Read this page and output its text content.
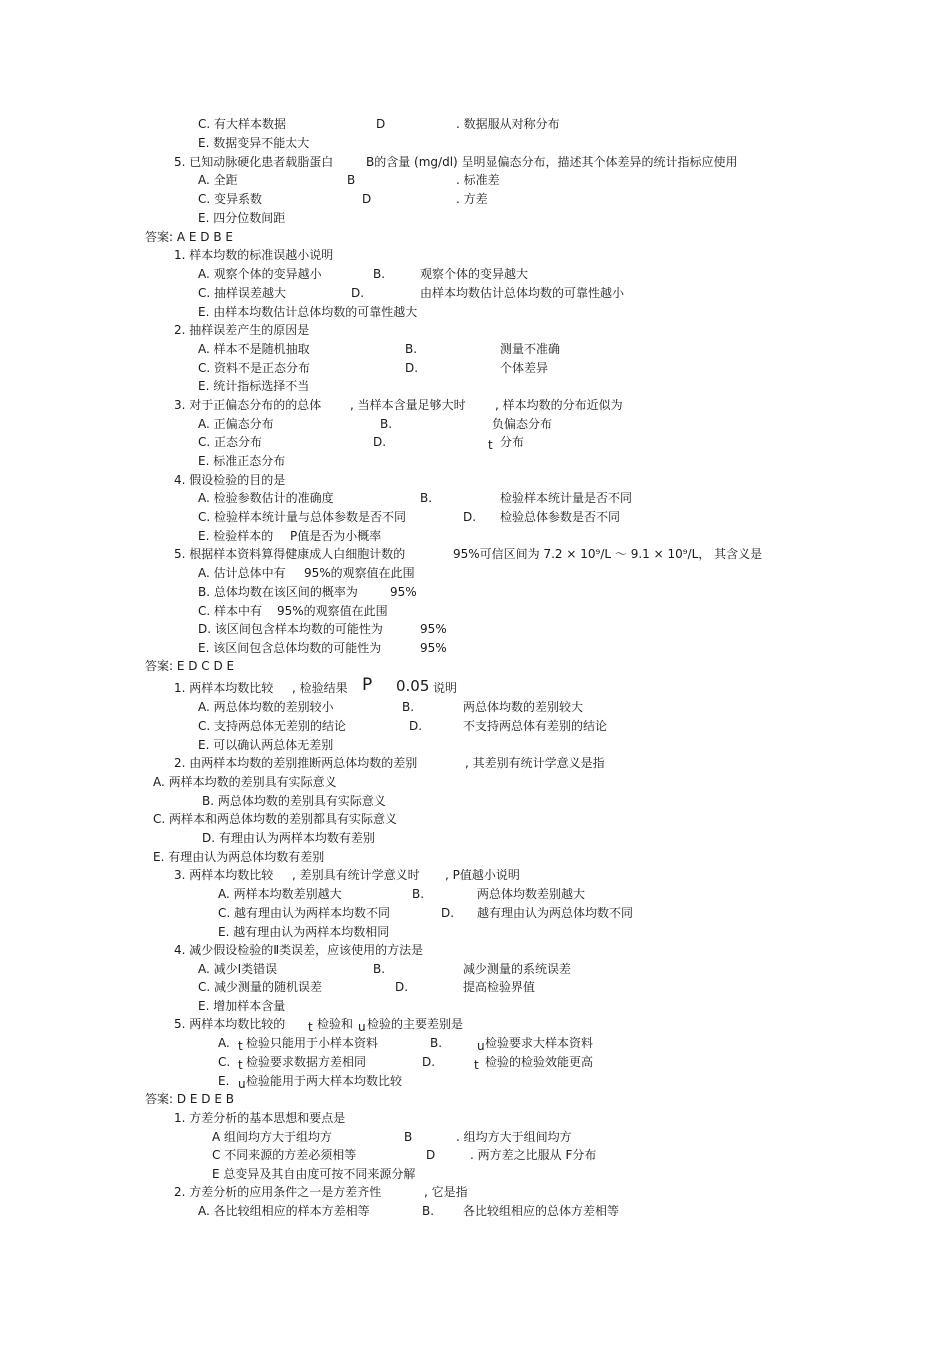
C. 有大样本数据	D	. 数据服从对称分布
E. 数据变异不能太大
5. 已知动脉硬化患者载脂蛋白	B的含量 (mg/dl) 呈明显偏态分布，描述其个体差异的统计指标应使用
A. 全距	B	. 标准差
C. 变异系数	D	. 方差
E. 四分位数间距
答案: A E D B E
1. 样本均数的标准误越小说明
A. 观察个体的变异越小	B.	观察个体的变异越大
C. 抽样误差越大	D.	由样本均数估计总体均数的可靠性越小
E. 由样本均数估计总体均数的可靠性越大
2. 抽样误差产生的原因是
A. 样本不是随机抽取	B.	测量不准确
C. 资料不是正态分布	D.	个体差异
E. 统计指标选择不当
3. 对于正偏态分布的的总体 , 当样本含量足够大时 , 样本均数的分布近似为
A. 正偏态分布	B.	负偏态分布
C. 正态分布	D.	t 分布
E. 标准正态分布
4. 假设检验的目的是
A. 检验参数估计的准确度	B.	检验样本统计量是否不同
C. 检验样本统计量与总体参数是否不同	D. 检验总体参数是否不同
E. 检验样本的 P值是否为小概率
5. 根据样本资料算得健康成人白细胞计数的	95%可信区间为 7.2 × 10⁹/L ～ 9.1 × 10⁹/L， 其含义是
A. 估计总体中有 95%的观察值在此围
B. 总体均数在该区间的概率为	95%
C. 样本中有 95%的观察值在此围
D. 该区间包含样本均数的可能性为	95%
E. 该区间包含总体均数的可能性为	95%
答案: E D C D E
1. 两样本均数比较 , 检验结果 P 0.05 说明
A. 两总体均数的差别较小	B.	两总体均数的差别较大
C. 支持两总体无差别的结论	D.	不支持两总体有差别的结论
E. 可以确认两总体无差别
2. 由两样本均数的差别推断两总体均数的差别	, 其差别有统计学意义是指
A. 两样本均数的差别具有实际意义
B. 两总体均数的差别具有实际意义
C. 两样本和两总体均数的差别都具有实际意义
D. 有理由认为两样本均数有差别
E. 有理由认为两总体均数有差别
3. 两样本均数比较 , 差别具有统计学意义时 , P值越小说明
A. 两样本均数差别越大	B.	两总体均数差别越大
C. 越有理由认为两样本均数不同	D. 越有理由认为两总体均数不同
E. 越有理由认为两样本均数相同
4. 减少假设检验的Ⅱ类误差，应该使用的方法是
A. 减少Ⅰ类错误	B.	减少测量的系统误差
C. 减少测量的随机误差	D.	提高检验界值
E. 增加样本含量
5. 两样本均数比较的 t 检验和 u 检验的主要差别是
A. t 检验只能用于小样本资料	B.	u 检验要求大样本资料
C. t 检验要求数据方差相同	D.	t 检验的检验效能更高
E. u 检验能用于两大样本均数比较
答案: D E D E B
1. 方差分析的基本思想和要点是
A 组间均方大于组均方	B	. 组均方大于组间均方
C 不同来源的方差必须相等	D	. 两方差之比服从 F分布
E 总变异及其自由度可按不同来源分解
2. 方差分析的应用条件之一是方差齐性	, 它是指
A. 各比较组相应的样本方差相等	B. 各比较组相应的总体方差相等
